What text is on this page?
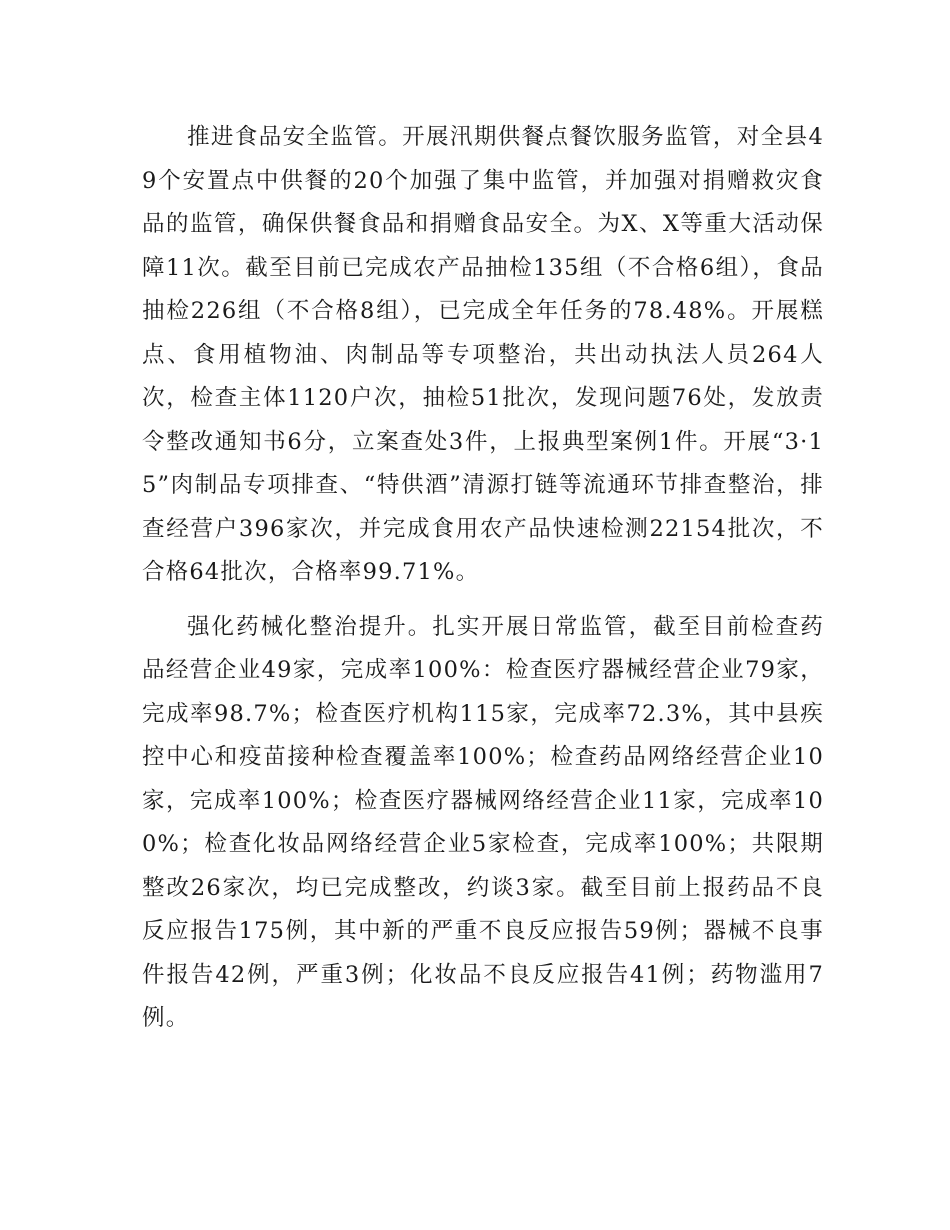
推进食品安全监管。开展汛期供餐点餐饮服务监管，对全县49个安置点中供餐的20个加强了集中监管，并加强对捐赠救灾食品的监管，确保供餐食品和捐赠食品安全。为X、X等重大活动保障11次。截至目前已完成农产品抽检135组（不合格6组），食品抽检226组（不合格8组），已完成全年任务的78.48%。开展糕点、食用植物油、肉制品等专项整治，共出动执法人员264人次，检查主体1120户次，抽检51批次，发现问题76处，发放责令整改通知书6分，立案查处3件，上报典型案例1件。开展“3·15”肉制品专项排查、“特供酒”清源打链等流通环节排查整治，排查经营户396家次，并完成食用农产品快速检测22154批次，不合格64批次，合格率99.71%。

强化药械化整治提升。扎实开展日常监管，截至目前检查药品经营企业49家，完成率100%：检查医疗器械经营企业79家，完成率98.7%；检查医疗机构115家，完成率72.3%，其中县疾控中心和疫苗接种检查覆盖率100%；检查药品网络经营企业10家，完成率100%；检查医疗器械网络经营企业11家，完成率100%；检查化妆品网络经营企业5家检查，完成率100%；共限期整改26家次，均已完成整改，约谈3家。截至目前上报药品不良反应报告175例，其中新的严重不良反应报告59例；器械不良事件报告42例，严重3例；化妆品不良反应报告41例；药物滥用7例。
